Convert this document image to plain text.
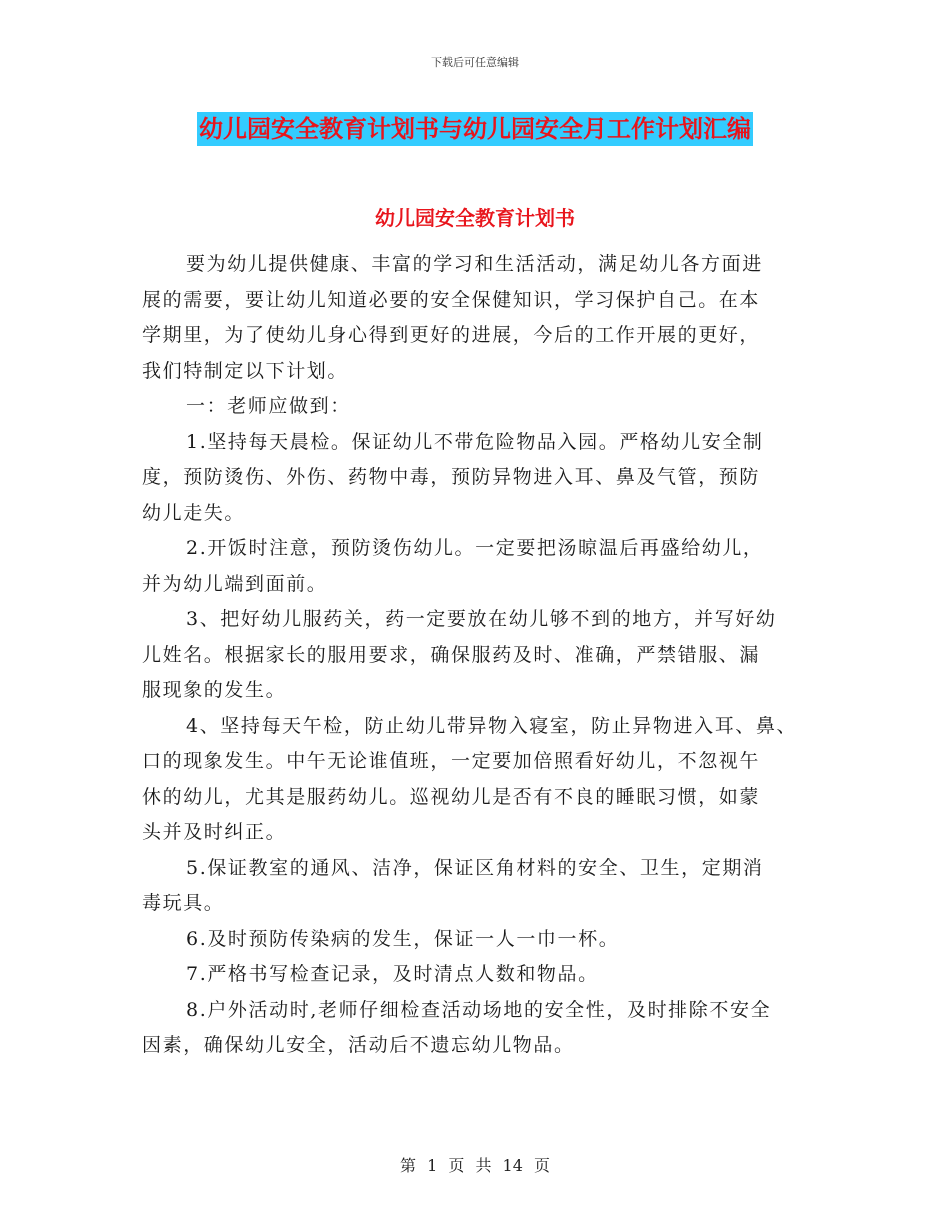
下载后可任意编辑
幼儿园安全教育计划书与幼儿园安全月工作计划汇编
幼儿园安全教育计划书
要为幼儿提供健康、丰富的学习和生活活动，满足幼儿各方面进
展的需要，要让幼儿知道必要的安全保健知识，学习保护自己。在本
学期里，为了使幼儿身心得到更好的进展，今后的工作开展的更好，
我们特制定以下计划。
一：老师应做到：
1.坚持每天晨检。保证幼儿不带危险物品入园。严格幼儿安全制
度，预防烫伤、外伤、药物中毒，预防异物进入耳、鼻及气管，预防
幼儿走失。
2.开饭时注意，预防烫伤幼儿。一定要把汤晾温后再盛给幼儿，
并为幼儿端到面前。
3、把好幼儿服药关，药一定要放在幼儿够不到的地方，并写好幼
儿姓名。根据家长的服用要求，确保服药及时、准确，严禁错服、漏
服现象的发生。
4、坚持每天午检，防止幼儿带异物入寝室，防止异物进入耳、鼻、
口的现象发生。中午无论谁值班，一定要加倍照看好幼儿，不忽视午
休的幼儿，尤其是服药幼儿。巡视幼儿是否有不良的睡眠习惯，如蒙
头并及时纠正。
5.保证教室的通风、洁净，保证区角材料的安全、卫生，定期消
毒玩具。
6.及时预防传染病的发生，保证一人一巾一杯。
7.严格书写检查记录，及时清点人数和物品。
8.户外活动时,老师仔细检查活动场地的安全性，及时排除不安全
因素，确保幼儿安全，活动后不遗忘幼儿物品。
第 1 页 共 14 页
